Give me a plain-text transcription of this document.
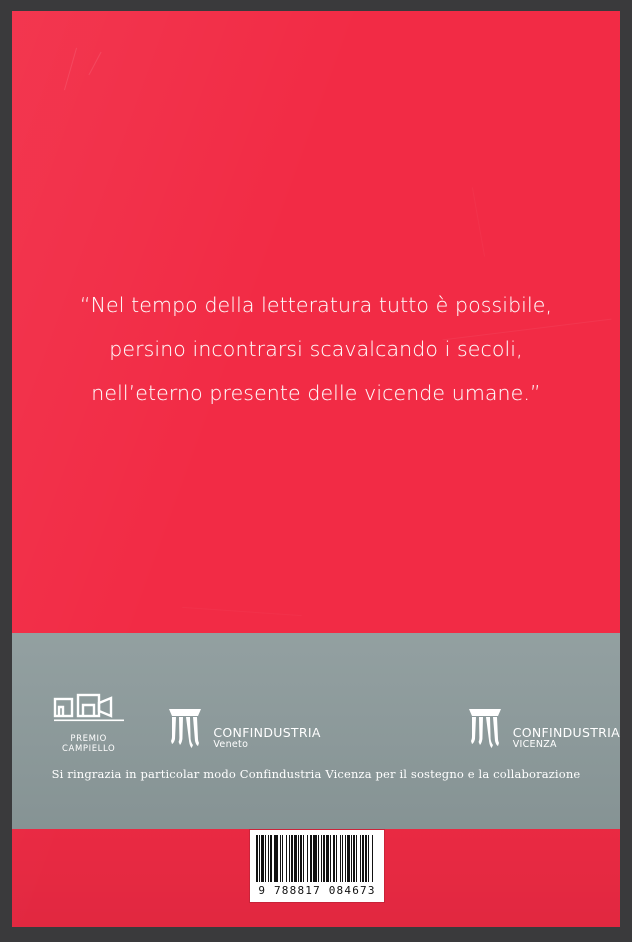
“Nel tempo della letteratura tutto è possibile,
persino incontrarsi scavalcando i secoli,
nell’eterno presente delle vicende umane.”
PREMIO
CAMPIELLO
CONFINDUSTRIA
Veneto
CONFINDUSTRIA
VICENZA
Si ringrazia in particolar modo Confindustria Vicenza per il sostegno e la collaborazione
9 788817 084673
